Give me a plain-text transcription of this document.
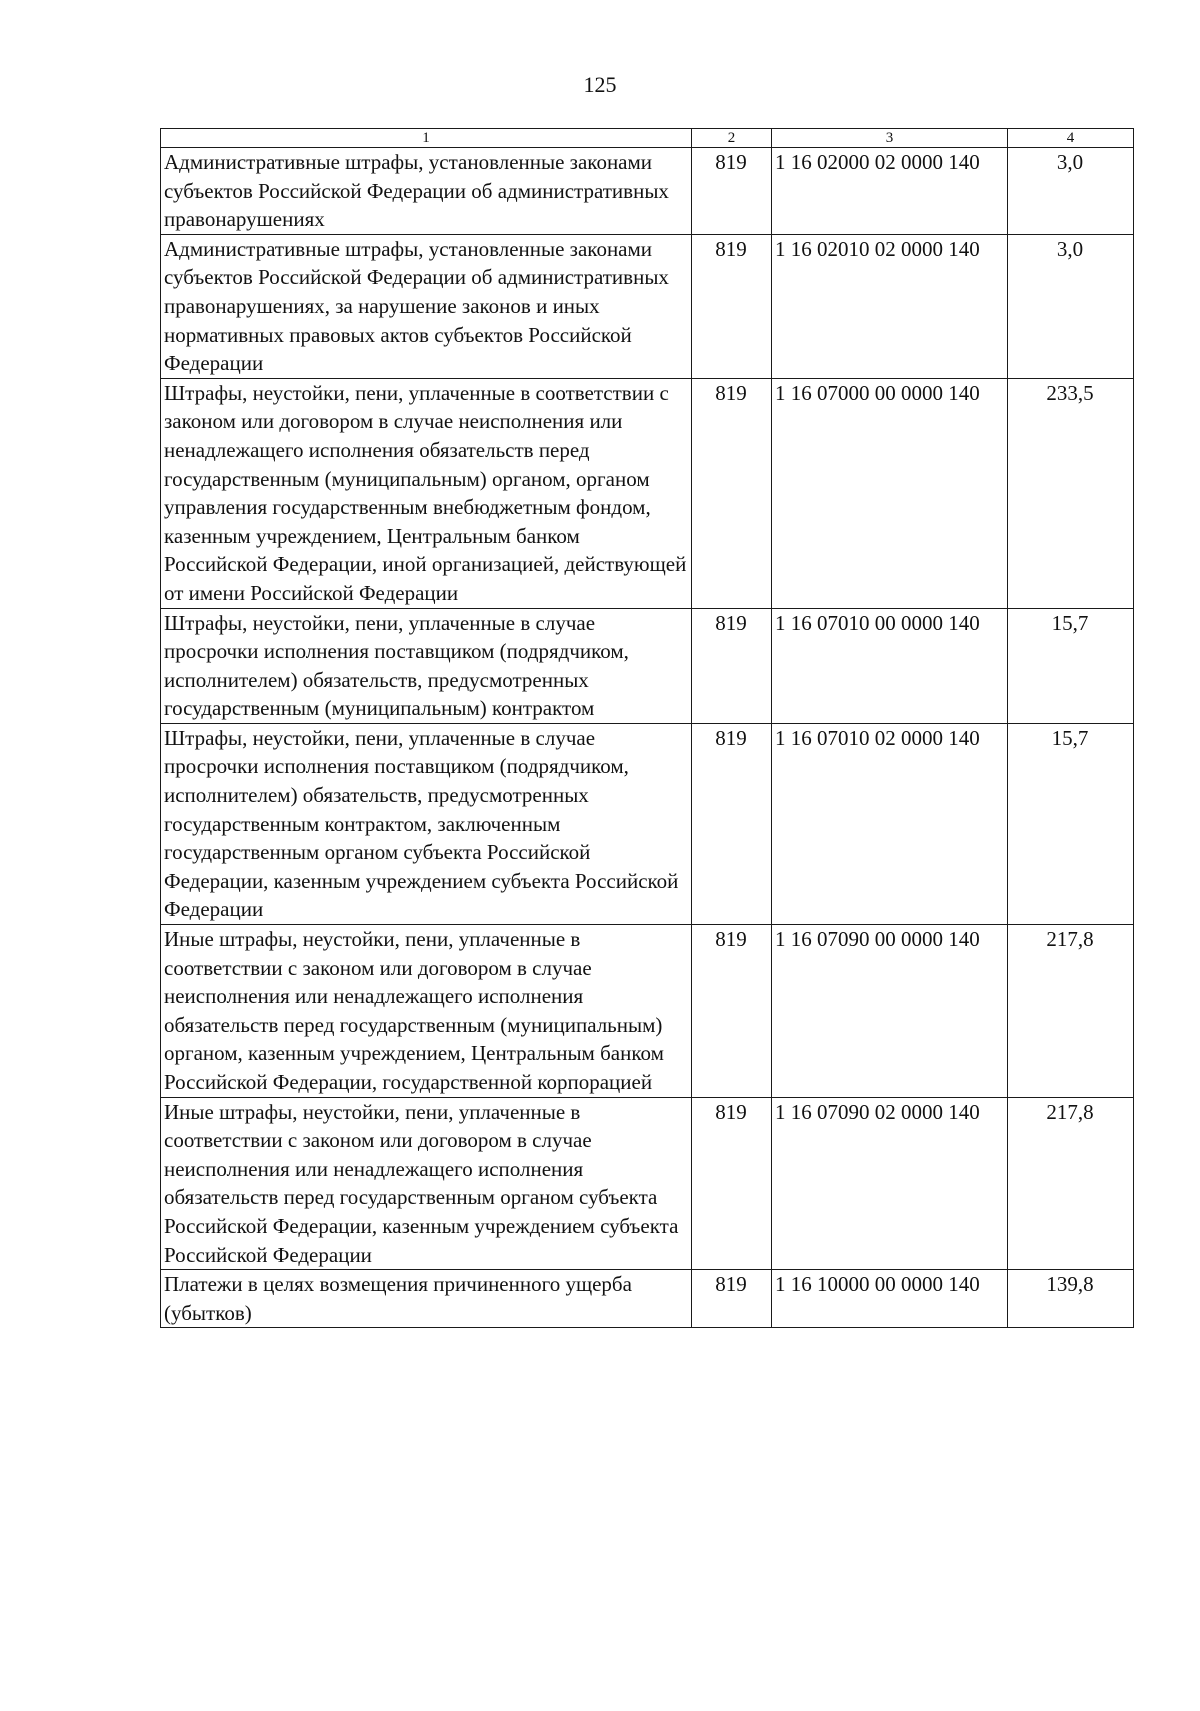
125
1	2	3	4
Административные штрафы, установленные законами субъектов Российской Федерации об административных правонарушениях	819	1 16 02000 02 0000 140	3,0
Административные штрафы, установленные законами субъектов Российской Федерации об административных правонарушениях, за нарушение законов и иных нормативных правовых актов субъектов Российской Федерации	819	1 16 02010 02 0000 140	3,0
Штрафы, неустойки, пени, уплаченные в соответствии с законом или договором в случае неисполнения или ненадлежащего исполнения обязательств перед государственным (муниципальным) органом, органом управления государственным внебюджетным фондом, казенным учреждением, Центральным банком Российской Федерации, иной организацией, действующей от имени Российской Федерации	819	1 16 07000 00 0000 140	233,5
Штрафы, неустойки, пени, уплаченные в случае просрочки исполнения поставщиком (подрядчиком, исполнителем) обязательств, предусмотренных государственным (муниципальным) контрактом	819	1 16 07010 00 0000 140	15,7
Штрафы, неустойки, пени, уплаченные в случае просрочки исполнения поставщиком (подрядчиком, исполнителем) обязательств, предусмотренных государственным контрактом, заключенным государственным органом субъекта Российской Федерации, казенным учреждением субъекта Российской Федерации	819	1 16 07010 02 0000 140	15,7
Иные штрафы, неустойки, пени, уплаченные в соответствии с законом или договором в случае неисполнения или ненадлежащего исполнения обязательств перед государственным (муниципальным) органом, казенным учреждением, Центральным банком Российской Федерации, государственной корпорацией	819	1 16 07090 00 0000 140	217,8
Иные штрафы, неустойки, пени, уплаченные в соответствии с законом или договором в случае неисполнения или ненадлежащего исполнения обязательств перед государственным органом субъекта Российской Федерации, казенным учреждением субъекта Российской Федерации	819	1 16 07090 02 0000 140	217,8
Платежи в целях возмещения причиненного ущерба (убытков)	819	1 16 10000 00 0000 140	139,8
